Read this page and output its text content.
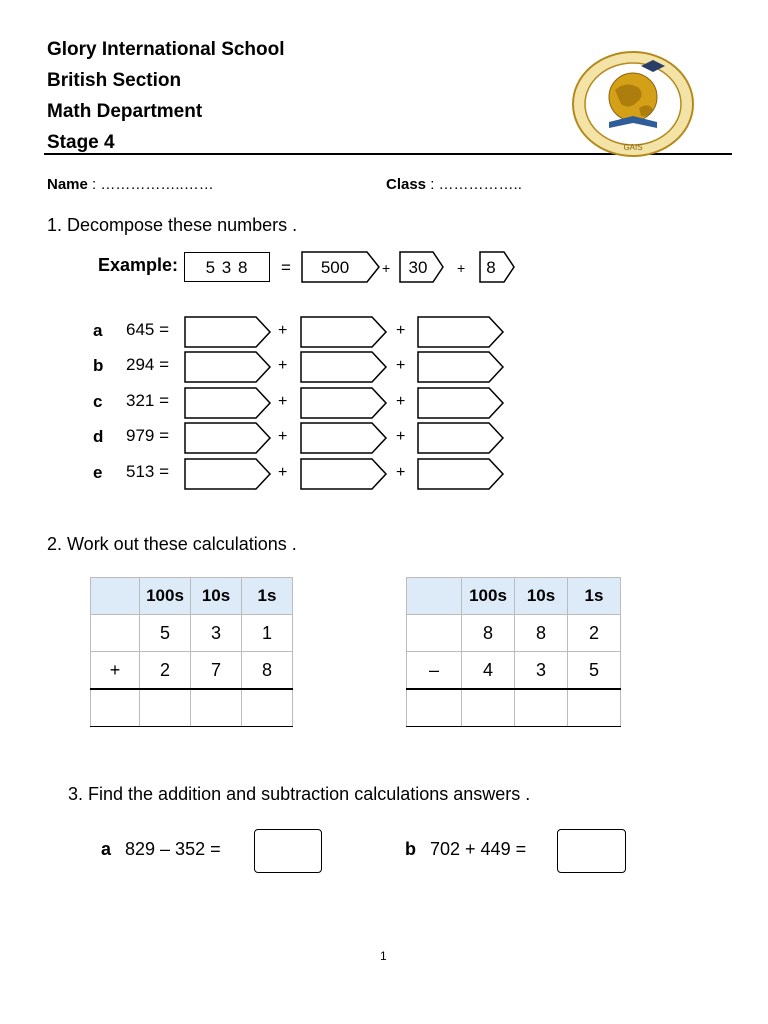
Glory International School
British Section
Math Department
Stage 4	GAIS
Name : ……………..……	Class : ……………..
1. Decompose these numbers .
Example:	5 3 8	= 500 + 30 + 8
a 645 =	+	+
b 294 =	+	+
c 321 =	+	+
d 979 =	+	+
e 513 =	+	+
2. Work out these calculations .
	100s	10s	1s
	5	3	1
+	2	7	8

	100s	10s	1s
	8	8	2
–	4	3	5

3. Find the addition and subtraction calculations answers .
a 829 – 352 =	b 702 + 449 =
1
